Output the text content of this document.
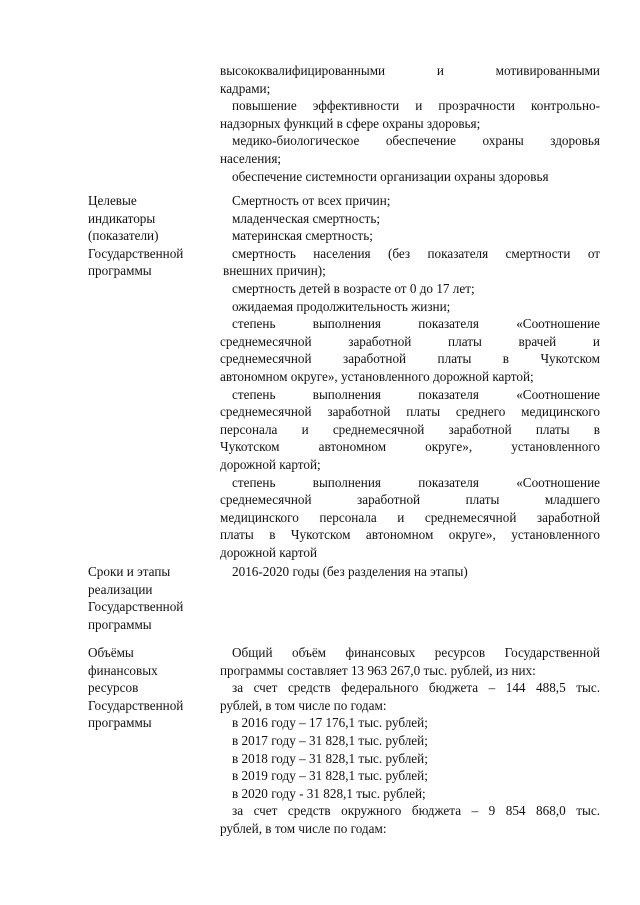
высококвалифицированными и мотивированными
кадрами;
повышение эффективности и прозрачности контрольно-
надзорных функций в сфере охраны здоровья;
медико-биологическое обеспечение охраны здоровья
населения;
обеспечение системности организации охраны здоровья
Целевые
индикаторы
(показатели)
Государственной
программы
Смертность от всех причин;
младенческая смертность;
материнская смертность;
смертность населения (без показателя смертности от
внешних причин);
смертность детей в возрасте от 0 до 17 лет;
ожидаемая продолжительность жизни;
степень выполнения показателя «Соотношение
среднемесячной заработной платы врачей и
среднемесячной заработной платы в Чукотском
автономном округе», установленного дорожной картой;
степень выполнения показателя «Соотношение
среднемесячной заработной платы среднего медицинского
персонала и среднемесячной заработной платы в
Чукотском автономном округе», установленного
дорожной картой;
степень выполнения показателя «Соотношение
среднемесячной заработной платы младшего
медицинского персонала и среднемесячной заработной
платы в Чукотском автономном округе», установленного
дорожной картой
Сроки и этапы
реализации
Государственной
программы
2016-2020 годы (без разделения на этапы)
Объёмы
финансовых
ресурсов
Государственной
программы
Общий объём финансовых ресурсов Государственной
программы составляет 13 963 267,0 тыс. рублей, из них:
за счет средств федерального бюджета – 144 488,5 тыс.
рублей, в том числе по годам:
в 2016 году – 17 176,1 тыс. рублей;
в 2017 году – 31 828,1 тыс. рублей;
в 2018 году – 31 828,1 тыс. рублей;
в 2019 году – 31 828,1 тыс. рублей;
в 2020 году - 31 828,1 тыс. рублей;
за счет средств окружного бюджета – 9 854 868,0 тыс.
рублей, в том числе по годам:
